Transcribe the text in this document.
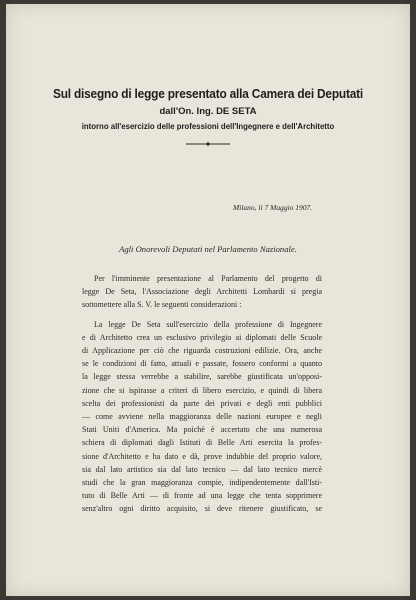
Sul disegno di legge presentato alla Camera dei Deputati
dall'On. Ing. DE SETA
intorno all'esercizio delle professioni dell'Ingegnere e dell'Architetto
Milano, li 7 Maggio 1907.
Agli Onorevoli Deputati nel Parlamento Nazionale.
Per l'imminente presentazione al Parlamento del progetto di
legge De Seta, l'Associazione degli Architetti Lombardi si pregia
sottomettere alla S. V. le seguenti considerazioni :
La legge De Seta sull'esercizio della professione di Ingegnere
e di Architetto crea un esclusivo privilegio ai diplomati delle Scuole
di Applicazione per ciò che riguarda costruzioni edilizie. Ora, anche
se le condizioni di fatto, attuali e passate, fossero conformi a quanto
la legge stessa verrebbe a stabilire, sarebbe giustificata un'opposi-
zione che si ispirasse a criteri di libero esercizio, e quindi di libera
scelta dei professionisti da parte dei privati e degli enti pubblici
— come avviene nella maggioranza delle nazioni europee e negli
Stati Uniti d'America. Ma poichè è accertato che una numerosa
schiera di diplomati dagli Istituti di Belle Arti esercita la profes-
sione d'Architetto e ha dato e dà, prove indubbie del proprio valore,
sia dal lato artistico sia dal lato tecnico — dal lato tecnico mercè
studi che la gran maggioranza compie, indipendentemente dall'Isti-
tuto di Belle Arti — di fronte ad una legge che tenta sopprimere
senz'altro ogni diritto acquisito, si deve ritenere giustificato, se
